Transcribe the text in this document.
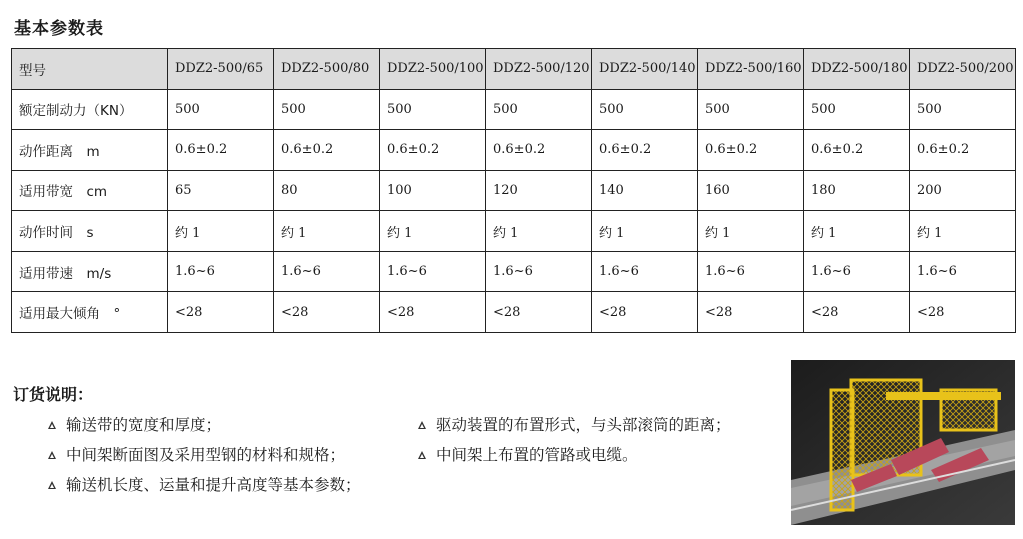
基本参数表
型号	DDZ2-500/65	DDZ2-500/80	DDZ2-500/100	DDZ2-500/120	DDZ2-500/140	DDZ2-500/160	DDZ2-500/180	DDZ2-500/200
额定制动力（KN）	500	500	500	500	500	500	500	500
动作距离　m	0.6±0.2	0.6±0.2	0.6±0.2	0.6±0.2	0.6±0.2	0.6±0.2	0.6±0.2	0.6±0.2
适用带宽　cm	65	80	100	120	140	160	180	200
动作时间　s	约 1	约 1	约 1	约 1	约 1	约 1	约 1	约 1
适用带速　m/s	1.6~6	1.6~6	1.6~6	1.6~6	1.6~6	1.6~6	1.6~6	1.6~6
适用最大倾角　°	<28	<28	<28	<28	<28	<28	<28	<28
订货说明：
输送带的宽度和厚度；
中间架断面图及采用型钢的材料和规格；
输送机长度、运量和提升高度等基本参数；
驱动装置的布置形式，与头部滚筒的距离；
中间架上布置的管路或电缆。
